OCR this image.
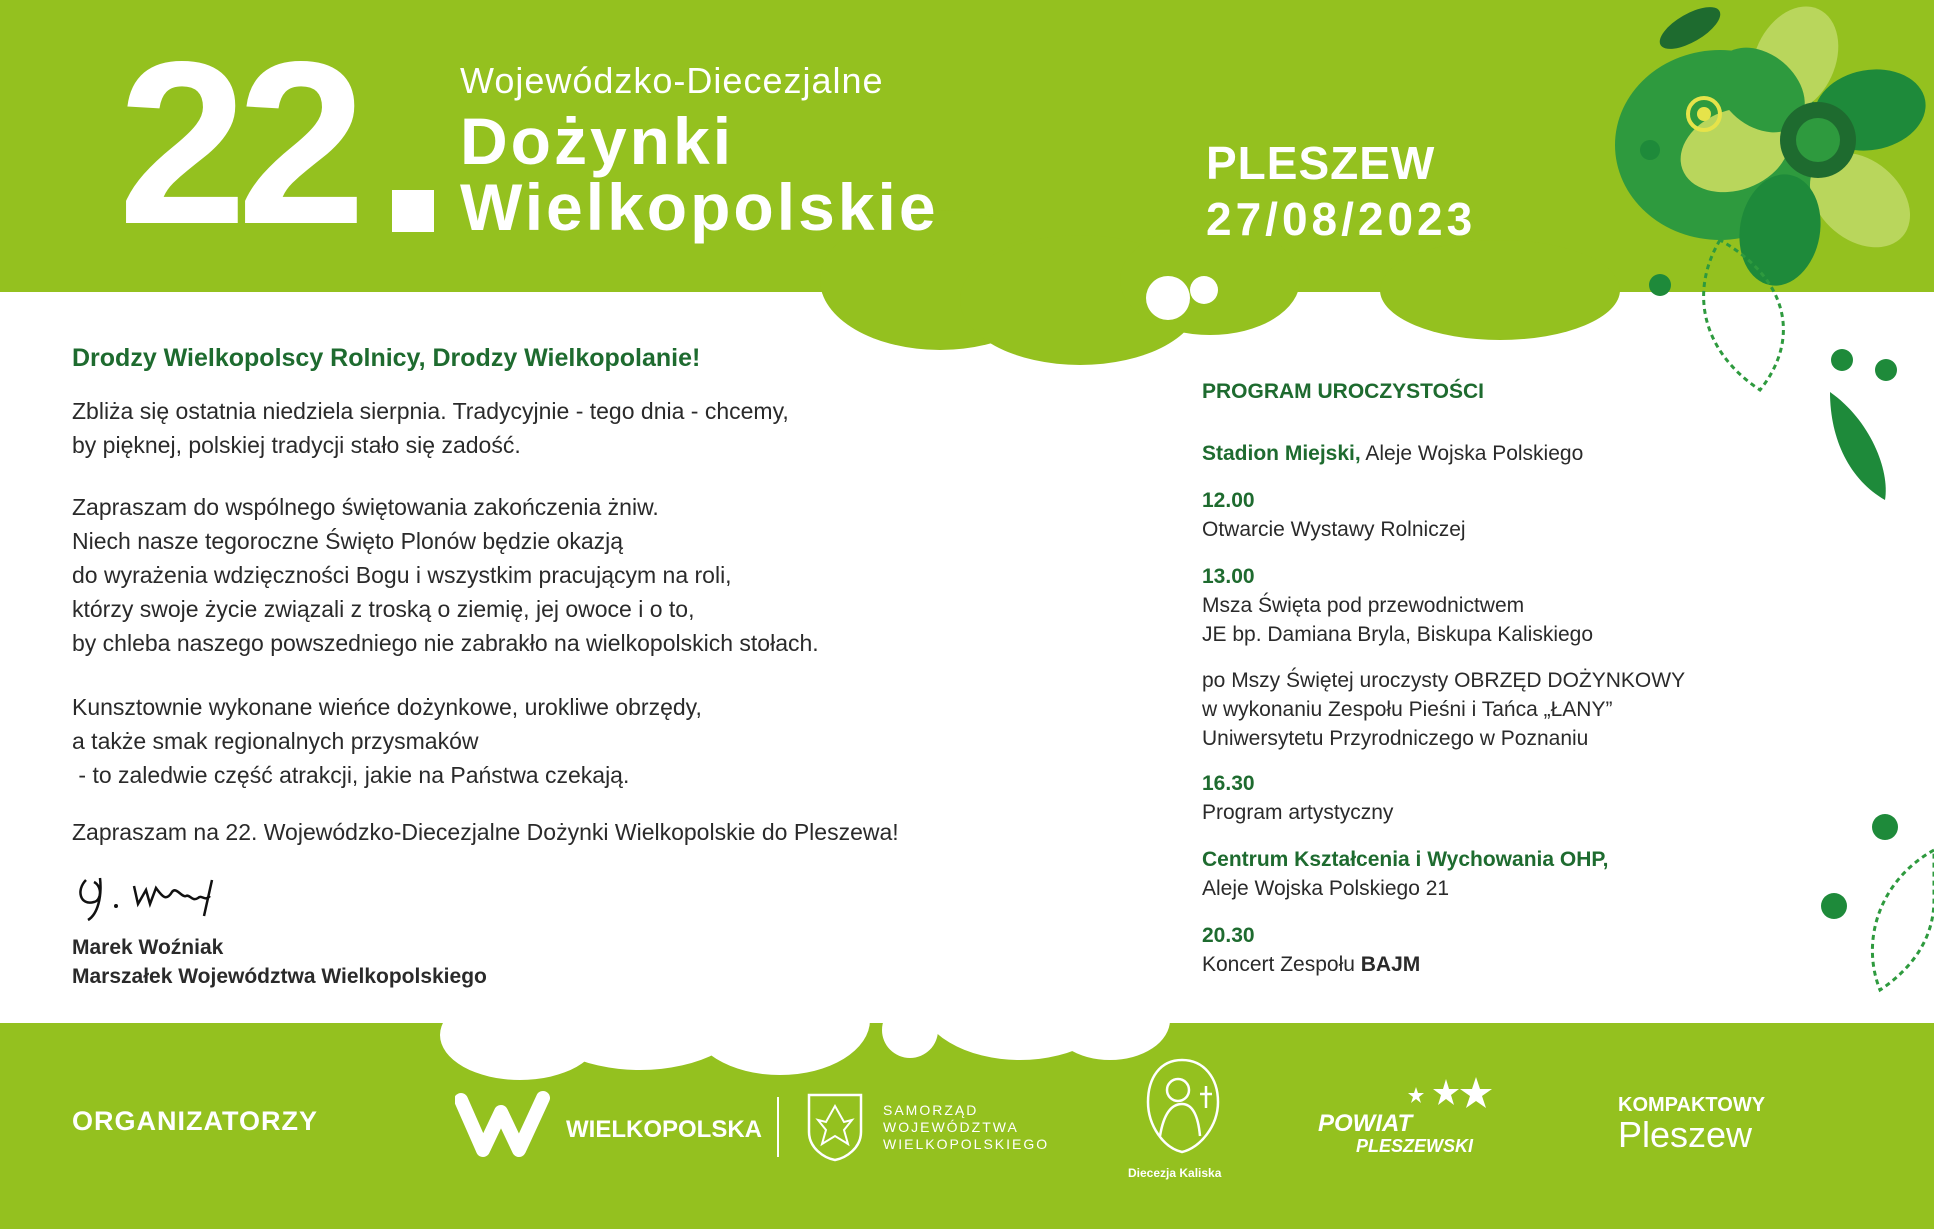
22	Wojewódzko-Diecezjalne
Dożynki
Wielkopolskie
PLESZEW
27/08/2023
Drodzy Wielkopolscy Rolnicy, Drodzy Wielkopolanie!
Zbliża się ostatnia niedziela sierpnia. Tradycyjnie - tego dnia - chcemy,
by pięknej, polskiej tradycji stało się zadość.
Zapraszam do wspólnego świętowania zakończenia żniw.
Niech nasze tegoroczne Święto Plonów będzie okazją
do wyrażenia wdzięczności Bogu i wszystkim pracującym na roli,
którzy swoje życie związali z troską o ziemię, jej owoce i o to,
by chleba naszego powszedniego nie zabrakło na wielkopolskich stołach.
Kunsztownie wykonane wieńce dożynkowe, urokliwe obrzędy,
a także smak regionalnych przysmaków
- to zaledwie część atrakcji, jakie na Państwa czekają.
Zapraszam na 22. Wojewódzko-Diecezjalne Dożynki Wielkopolskie do Pleszewa!
Marek Woźniak
Marszałek Województwa Wielkopolskiego
PROGRAM UROCZYSTOŚCI
Stadion Miejski, Aleje Wojska Polskiego
12.00
Otwarcie Wystawy Rolniczej
13.00
Msza Święta pod przewodnictwem
JE bp. Damiana Bryla, Biskupa Kaliskiego
po Mszy Świętej uroczysty OBRZĘD DOŻYNKOWY
w wykonaniu Zespołu Pieśni i Tańca „ŁANY”
Uniwersytetu Przyrodniczego w Poznaniu
16.30
Program artystyczny
Centrum Kształcenia i Wychowania OHP,
Aleje Wojska Polskiego 21
20.30
Koncert Zespołu BAJM
ORGANIZATORZY	WIELKOPOLSKA
SAMORZĄD
WOJEWÓDZTWA
WIELKOPOLSKIEGO
Diecezja Kaliska
POWIAT
PLESZEWSKI
KOMPAKTOWY
Pleszew
